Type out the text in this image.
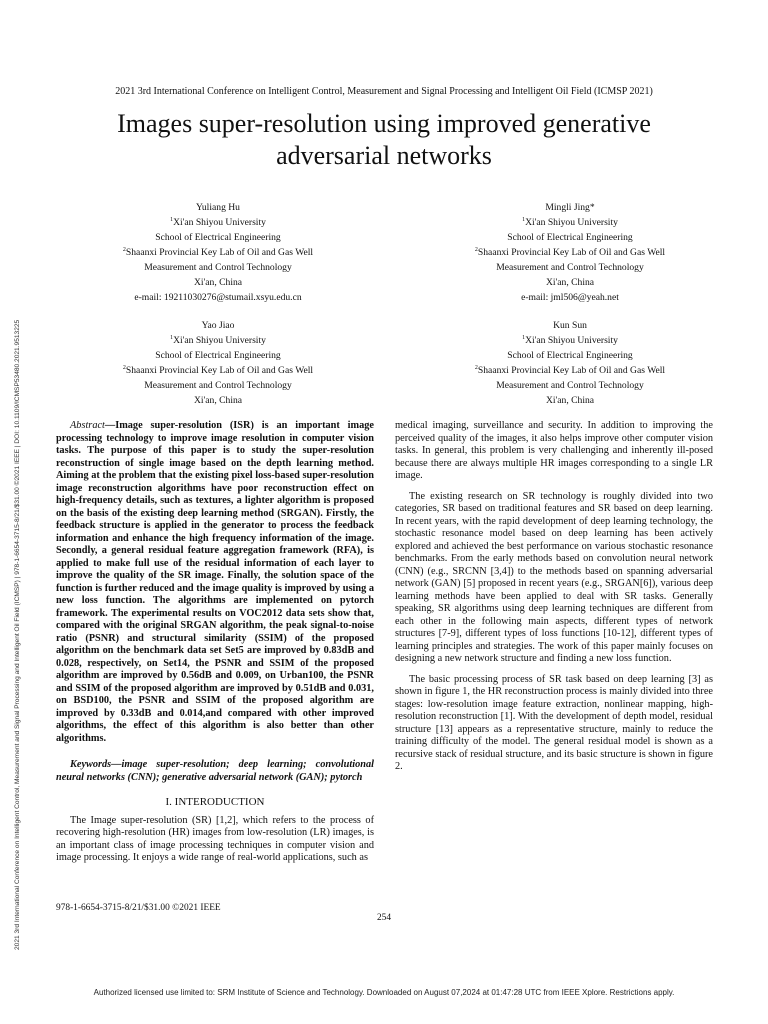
2021 3rd International Conference on Intelligent Control, Measurement and Signal Processing and Intelligent Oil Field (ICMSP) | 978-1-6654-3715-8/21/$31.00 ©2021 IEEE | DOI: 10.1109/ICMSP53480.2021.9513225
2021 3rd International Conference on Intelligent Control, Measurement and Signal Processing and Intelligent Oil Field (ICMSP 2021)
Images super-resolution using improved generative
adversarial networks
Yuliang Hu
$^1$Xi'an Shiyou University
School of Electrical Engineering
$^2$Shaanxi Provincial Key Lab of Oil and Gas Well
Measurement and Control Technology
Xi'an, China
e-mail: 19211030276@stumail.xsyu.edu.cn
Mingli Jing*
$^1$Xi'an Shiyou University
School of Electrical Engineering
$^2$Shaanxi Provincial Key Lab of Oil and Gas Well
Measurement and Control Technology
Xi'an, China
e-mail: jml506@yeah.net
Yao Jiao
$^1$Xi'an Shiyou University
School of Electrical Engineering
$^2$Shaanxi Provincial Key Lab of Oil and Gas Well
Measurement and Control Technology
Xi'an, China
Kun Sun
$^1$Xi'an Shiyou University
School of Electrical Engineering
$^2$Shaanxi Provincial Key Lab of Oil and Gas Well
Measurement and Control Technology
Xi'an, China

Abstract—Image super-resolution (ISR) is an important image processing technology to improve image resolution in computer vision tasks. The purpose of this paper is to study the super-resolution reconstruction of single image based on the depth learning method. Aiming at the problem that the existing pixel loss-based super-resolution image reconstruction algorithms have poor reconstruction effect on high-frequency details, such as textures, a lighter algorithm is proposed on the basis of the existing deep learning method (SRGAN). Firstly, the feedback structure is applied in the generator to process the feedback information and enhance the high frequency information of the image. Secondly, a general residual feature aggregation framework (RFA), is applied to make full use of the residual information of each layer to improve the quality of the SR image. Finally, the solution space of the function is further reduced and the image quality is improved by using a new loss function. The algorithms are implemented on pytorch framework. The experimental results on VOC2012 data sets show that, compared with the original SRGAN algorithm, the peak signal-to-noise ratio (PSNR) and structural similarity (SSIM) of the proposed algorithm on the benchmark data set Set5 are improved by 0.83dB and 0.028, respectively, on Set14, the PSNR and SSIM of the proposed algorithm are improved by 0.56dB and 0.009, on Urban100, the PSNR and SSIM of the proposed algorithm are improved by 0.51dB and 0.031, on BSD100, the PSNR and SSIM of the proposed algorithm are improved by 0.33dB and 0.014,and compared with other improved algorithms, the effect of this algorithm is also better than other algorithms.

Keywords—image super-resolution; deep learning; convolutional neural networks (CNN); generative adversarial network (GAN); pytorch

I. INTERODUCTION

The Image super-resolution (SR) [1,2], which refers to the process of recovering high-resolution (HR) images from low-resolution (LR) images, is an important class of image processing techniques in computer vision and image processing. It enjoys a wide range of real-world applications, such as

medical imaging, surveillance and security. In addition to improving the perceived quality of the images, it also helps improve other computer vision tasks. In general, this problem is very challenging and inherently ill-posed because there are always multiple HR images corresponding to a single LR image.

The existing research on SR technology is roughly divided into two categories, SR based on traditional features and SR based on deep learning. In recent years, with the rapid development of deep learning technology, the stochastic resonance model based on deep learning has been actively explored and achieved the best performance on various stochastic resonance benchmarks. From the early methods based on convolution neural network (CNN) (e.g., SRCNN [3,4]) to the methods based on spanning adversarial network (GAN) [5] proposed in recent years (e.g., SRGAN[6]), various deep learning methods have been applied to deal with SR tasks. Generally speaking, SR algorithms using deep learning techniques are different from each other in the following main aspects, different types of network structures [7-9], different types of loss functions [10-12], different types of learning principles and strategies. The work of this paper mainly focuses on designing a new network structure and finding a new loss function.

The basic processing process of SR task based on deep learning [3] as shown in figure 1, the HR reconstruction process is mainly divided into three stages: low-resolution image feature extraction, nonlinear mapping, high-resolution reconstruction [1]. With the development of depth model, residual structure [13] appears as a representative structure, mainly to reduce the training difficulty of the model. The general residual model is shown as a recursive stack of residual structure, and its basic structure is shown in figure 2.

978-1-6654-3715-8/21/$31.00 ©2021 IEEE
254
Authorized licensed use limited to: SRM Institute of Science and Technology. Downloaded on August 07,2024 at 01:47:28 UTC from IEEE Xplore. Restrictions apply.
